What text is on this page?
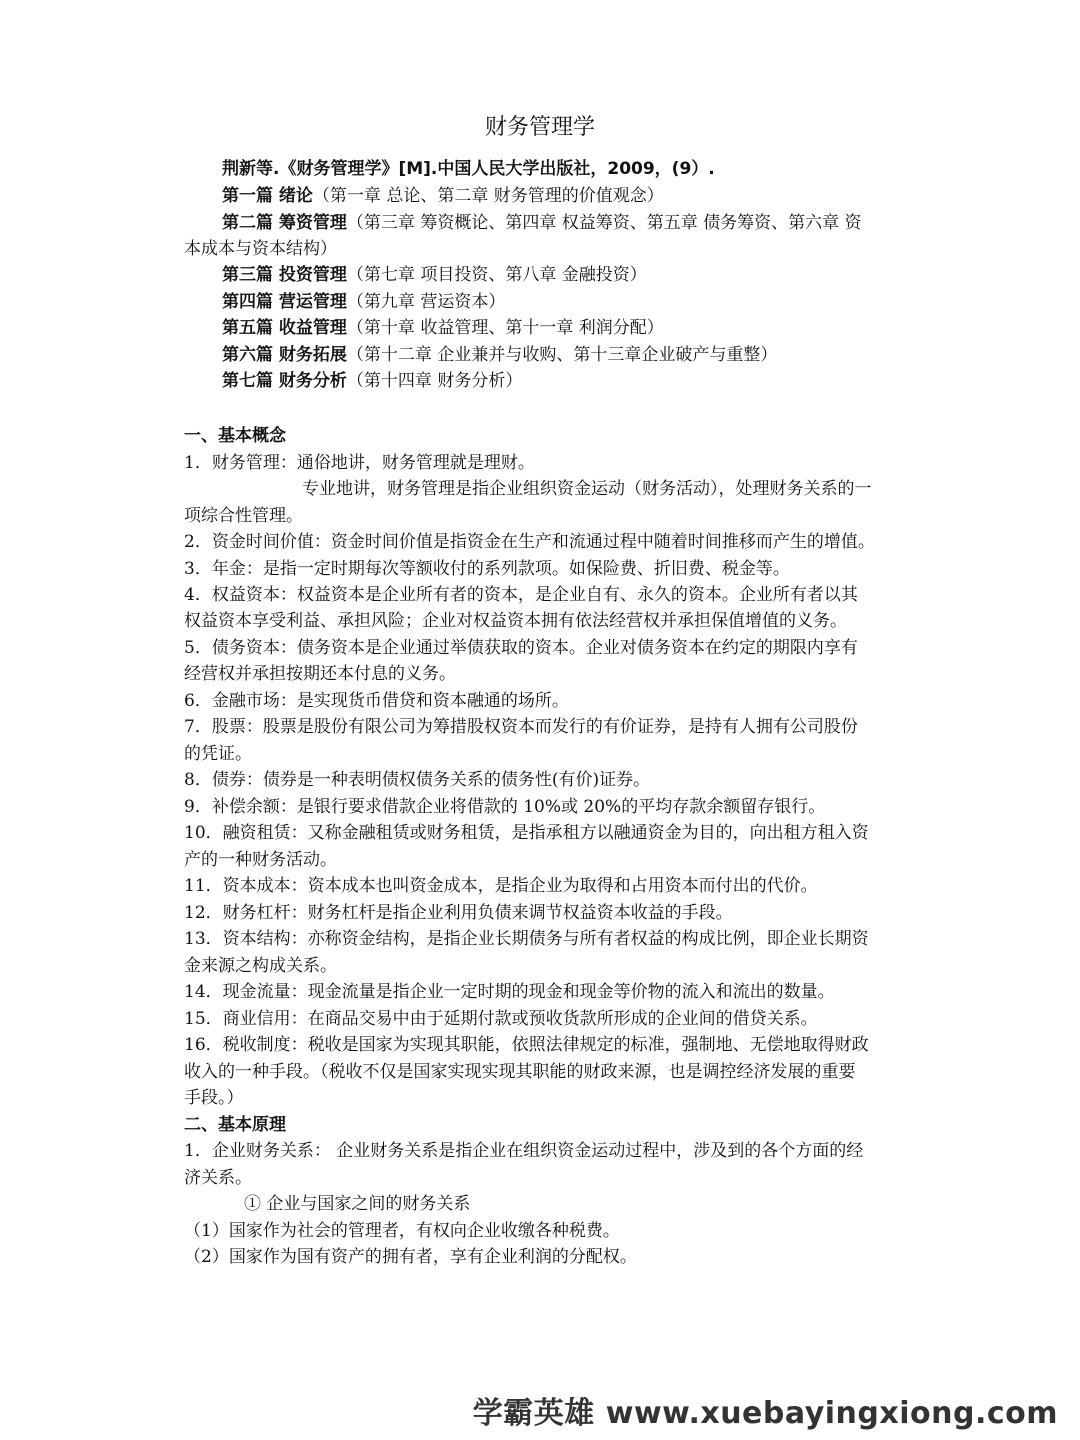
财务管理学
荆新等.《财务管理学》[M].中国人民大学出版社，2009，(9）.
第一篇 绪论（第一章 总论、第二章 财务管理的价值观念）
第二篇 筹资管理（第三章 筹资概论、第四章 权益筹资、第五章 债务筹资、第六章 资
本成本与资本结构）
第三篇 投资管理（第七章 项目投资、第八章 金融投资）
第四篇 营运管理（第九章 营运资本）
第五篇 收益管理（第十章 收益管理、第十一章 利润分配）
第六篇 财务拓展（第十二章 企业兼并与收购、第十三章企业破产与重整）
第七篇 财务分析（第十四章 财务分析）
一、基本概念
1．财务管理：通俗地讲，财务管理就是理财。
专业地讲，财务管理是指企业组织资金运动（财务活动），处理财务关系的一
项综合性管理。
2．资金时间价值：资金时间价值是指资金在生产和流通过程中随着时间推移而产生的增值。
3．年金：是指一定时期每次等额收付的系列款项。如保险费、折旧费、税金等。
4．权益资本：权益资本是企业所有者的资本，是企业自有、永久的资本。企业所有者以其
权益资本享受利益、承担风险；企业对权益资本拥有依法经营权并承担保值增值的义务。
5．债务资本：债务资本是企业通过举债获取的资本。企业对债务资本在约定的期限内享有
经营权并承担按期还本付息的义务。
6．金融市场：是实现货币借贷和资本融通的场所。
7．股票：股票是股份有限公司为筹措股权资本而发行的有价证券，是持有人拥有公司股份
的凭证。
8．债券：债券是一种表明债权债务关系的债务性(有价)证券。
9．补偿余额：是银行要求借款企业将借款的 10%或 20%的平均存款余额留存银行。
10．融资租赁：又称金融租赁或财务租赁，是指承租方以融通资金为目的，向出租方租入资
产的一种财务活动。
11．资本成本：资本成本也叫资金成本，是指企业为取得和占用资本而付出的代价。
12．财务杠杆：财务杠杆是指企业利用负债来调节权益资本收益的手段。
13．资本结构：亦称资金结构，是指企业长期债务与所有者权益的构成比例，即企业长期资
金来源之构成关系。
14．现金流量：现金流量是指企业一定时期的现金和现金等价物的流入和流出的数量。
15．商业信用：在商品交易中由于延期付款或预收货款所形成的企业间的借贷关系。
16．税收制度：税收是国家为实现其职能，依照法律规定的标准，强制地、无偿地取得财政
收入的一种手段。（税收不仅是国家实现实现其职能的财政来源，也是调控经济发展的重要
手段。）
二、基本原理
1．企业财务关系： 企业财务关系是指企业在组织资金运动过程中，涉及到的各个方面的经
济关系。
① 企业与国家之间的财务关系
（1）国家作为社会的管理者，有权向企业收缴各种税费。
（2）国家作为国有资产的拥有者，享有企业利润的分配权。
学霸英雄 www.xuebayingxiong.com
